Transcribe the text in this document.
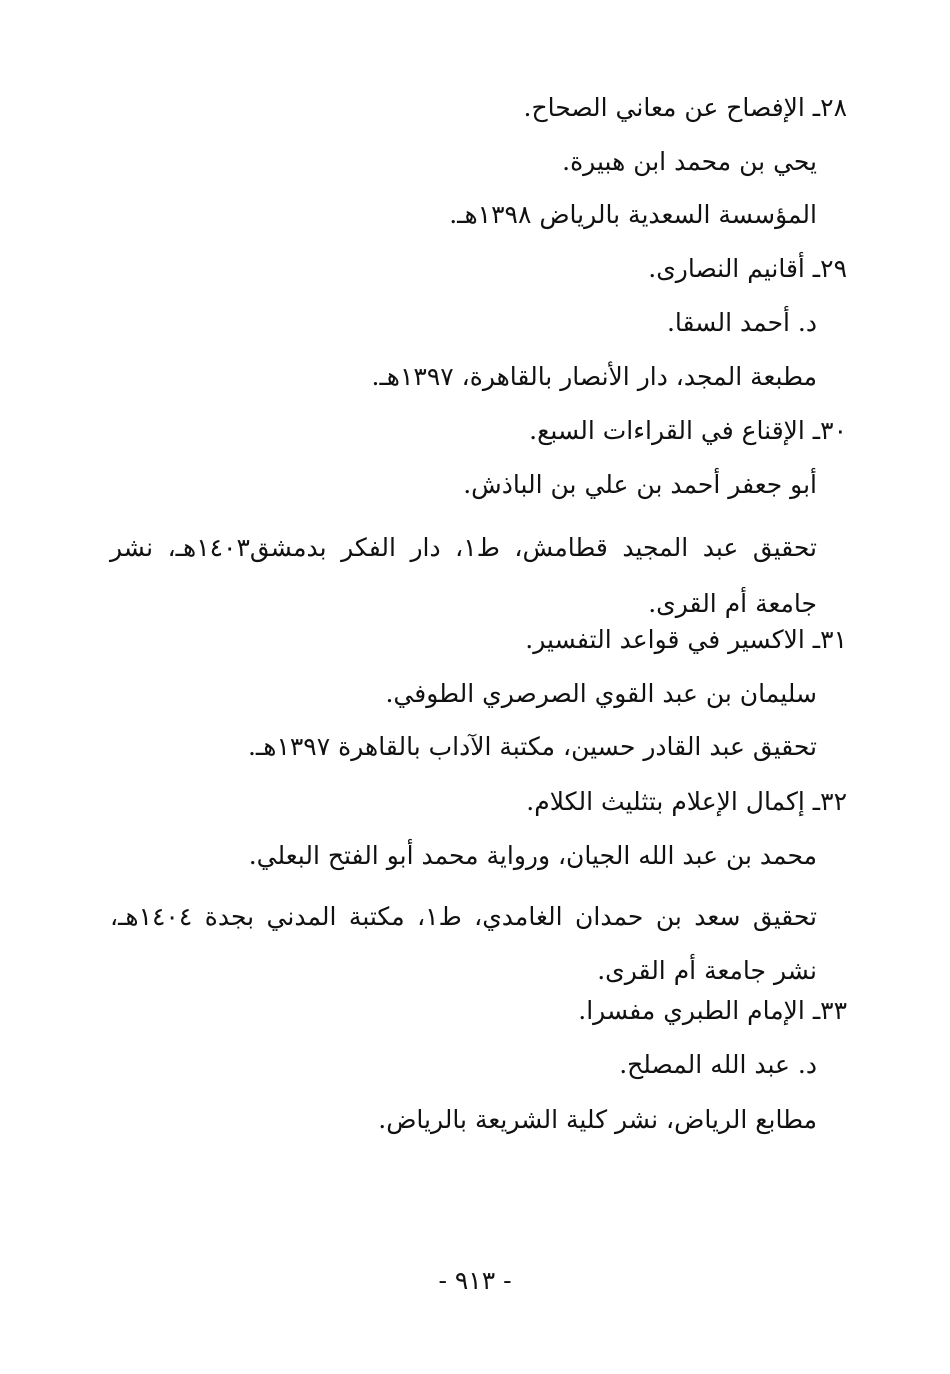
٢٨ـ الإفصاح عن معاني الصحاح.
يحي بن محمد ابن هبيرة.
المؤسسة السعدية بالرياض ١٣٩٨هـ.
٢٩ـ أقانيم النصارى.
د. أحمد السقا.
مطبعة المجد، دار الأنصار بالقاهرة، ١٣٩٧هـ.
٣٠ـ الإقناع في القراءات السبع.
أبو جعفر أحمد بن علي بن الباذش.
تحقيق عبد المجيد قطامش، ط١، دار الفكر بدمشق١٤٠٣هـ، نشر جامعة أم القرى.
٣١ـ الاكسير في قواعد التفسير.
سليمان بن عبد القوي الصرصري الطوفي.
تحقيق عبد القادر حسين، مكتبة الآداب بالقاهرة ١٣٩٧هـ.
٣٢ـ إكمال الإعلام بتثليث الكلام.
محمد بن عبد الله الجيان، ورواية محمد أبو الفتح البعلي.
تحقيق سعد بن حمدان الغامدي، ط١، مكتبة المدني بجدة ١٤٠٤هـ، نشر جامعة أم القرى.
٣٣ـ الإمام الطبري مفسرا.
د. عبد الله المصلح.
مطابع الرياض، نشر كلية الشريعة بالرياض.
- ٩١٣ -
